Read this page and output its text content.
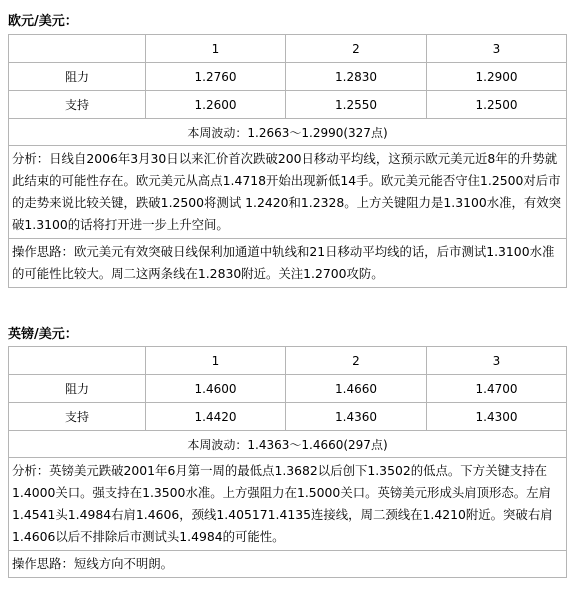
欧元/美元：
	1	2	3
阻力	1.2760	1.2830	1.2900
支持	1.2600	1.2550	1.2500
本周波动：1.2663～1.2990(327点)			
分析：日线自2006年3月30日以来汇价首次跌破200日移动平均线，这预示欧元美元近8年的升势就此结束的可能性存在。欧元美元从高点1.4718开始出现新低14手。欧元美元能否守住1.2500对后市的走势来说比较关键，跌破1.2500将测试 1.2420和1.2328。上方关键阻力是1.3100水准，有效突破1.3100的话将打开进一步上升空间。			
操作思路：欧元美元有效突破日线保利加通道中轨线和21日移动平均线的话，后市测试1.3100水准的可能性比较大。周二这两条线在1.2830附近。关注1.2700攻防。			
英镑/美元：
	1	2	3
阻力	1.4600	1.4660	1.4700
支持	1.4420	1.4360	1.4300
本周波动：1.4363～1.4660(297点)			
分析：英镑美元跌破2001年6月第一周的最低点1.3682以后创下1.3502的低点。下方关键支持在1.4000关口。强支持在1.3500水准。上方强阻力在1.5000关口。英镑美元形成头肩顶形态。左肩1.4541头1.4984右肩1.4606，颈线1.405171.4135连接线，周二颈线在1.4210附近。突破右肩1.4606以后不排除后市测试头1.4984的可能性。			
操作思路：短线方向不明朗。			
